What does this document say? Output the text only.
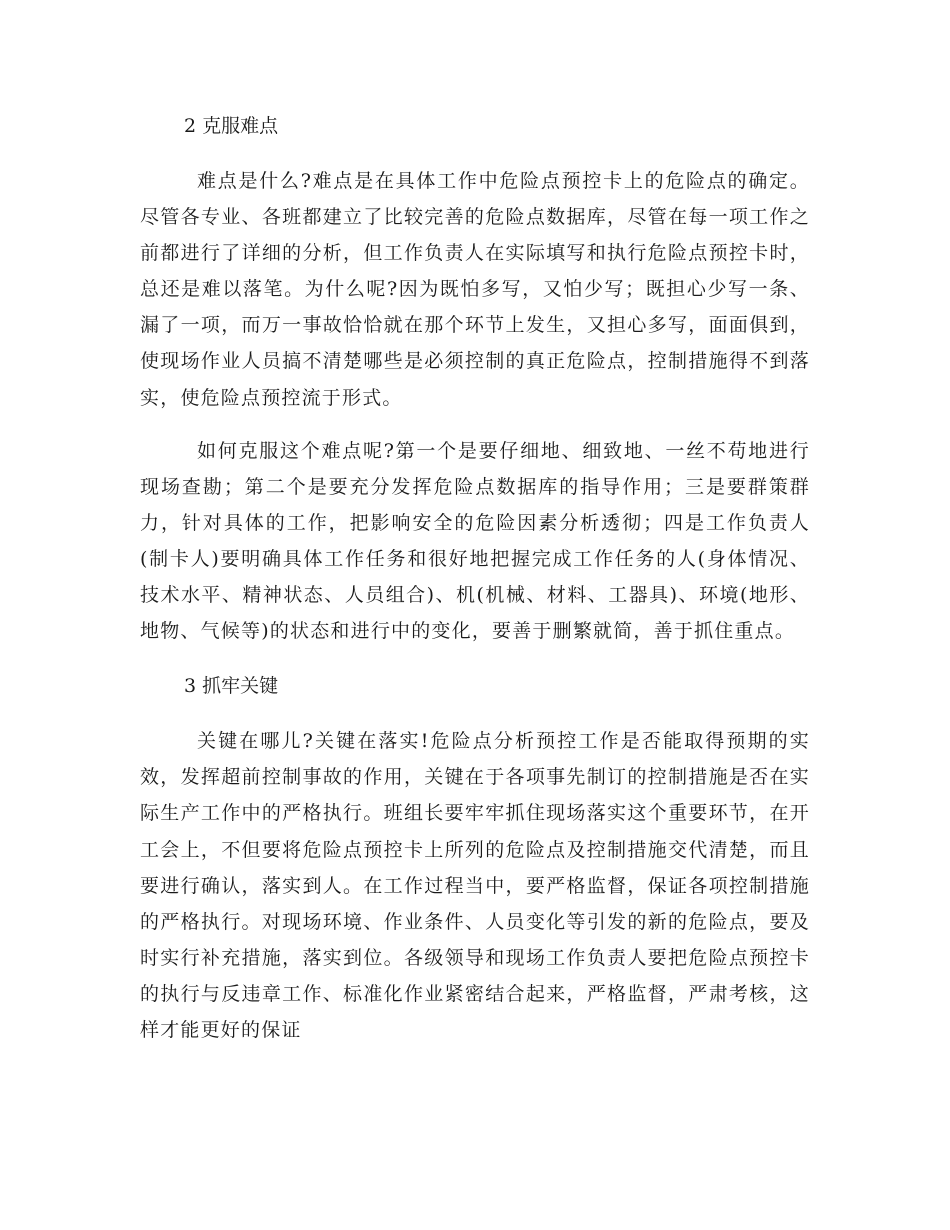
2 克服难点

难点是什么?难点是在具体工作中危险点预控卡上的危险点的确定。尽管各专业、各班都建立了比较完善的危险点数据库，尽管在每一项工作之前都进行了详细的分析，但工作负责人在实际填写和执行危险点预控卡时，总还是难以落笔。为什么呢?因为既怕多写，又怕少写；既担心少写一条、漏了一项，而万一事故恰恰就在那个环节上发生，又担心多写，面面俱到，使现场作业人员搞不清楚哪些是必须控制的真正危险点，控制措施得不到落实，使危险点预控流于形式。

如何克服这个难点呢?第一个是要仔细地、细致地、一丝不苟地进行现场查勘；第二个是要充分发挥危险点数据库的指导作用；三是要群策群力，针对具体的工作，把影响安全的危险因素分析透彻；四是工作负责人(制卡人)要明确具体工作任务和很好地把握完成工作任务的人(身体情况、技术水平、精神状态、人员组合)、机(机械、材料、工器具)、环境(地形、地物、气候等)的状态和进行中的变化，要善于删繁就简，善于抓住重点。

3 抓牢关键

关键在哪儿?关键在落实!危险点分析预控工作是否能取得预期的实效，发挥超前控制事故的作用，关键在于各项事先制订的控制措施是否在实际生产工作中的严格执行。班组长要牢牢抓住现场落实这个重要环节，在开工会上，不但要将危险点预控卡上所列的危险点及控制措施交代清楚，而且要进行确认，落实到人。在工作过程当中，要严格监督，保证各项控制措施的严格执行。对现场环境、作业条件、人员变化等引发的新的危险点，要及时实行补充措施，落实到位。各级领导和现场工作负责人要把危险点预控卡的执行与反违章工作、标准化作业紧密结合起来，严格监督，严肃考核，这样才能更好的保证
